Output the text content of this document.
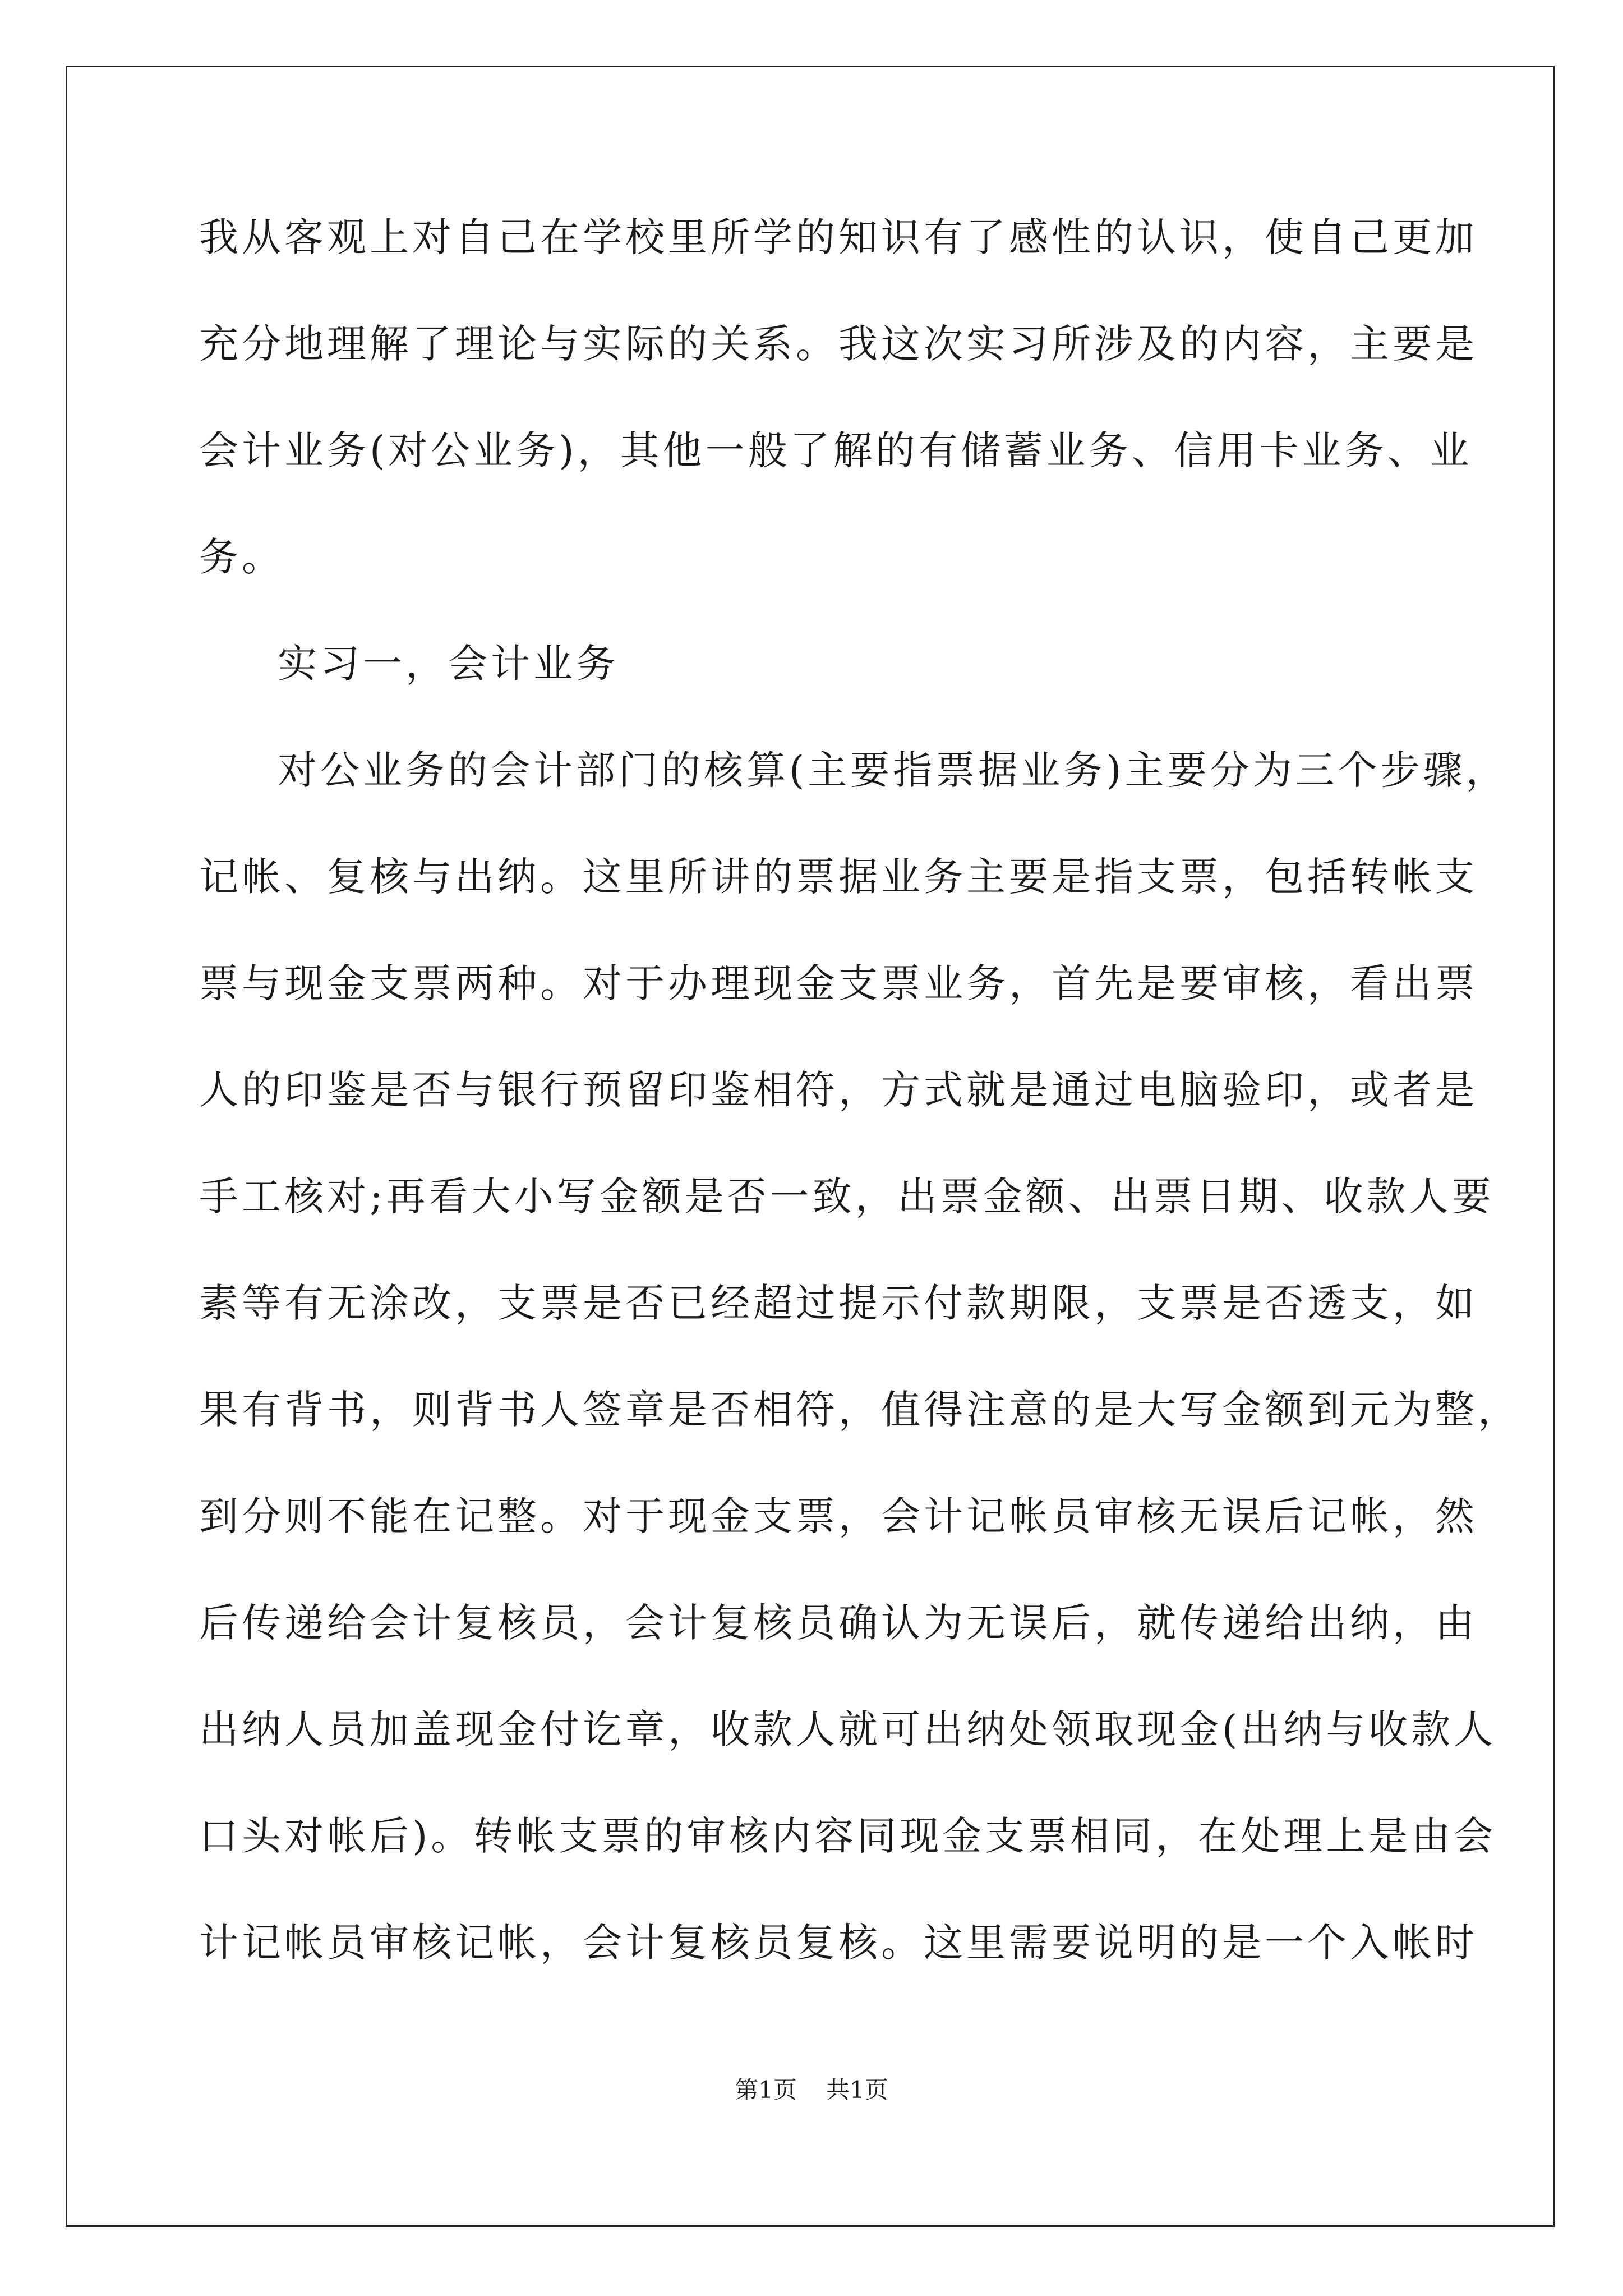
我从客观上对自己在学校里所学的知识有了感性的认识，使自己更加
充分地理解了理论与实际的关系。我这次实习所涉及的内容，主要是
会计业务(对公业务)，其他一般了解的有储蓄业务、信用卡业务、业
务。
实习一，会计业务
对公业务的会计部门的核算(主要指票据业务)主要分为三个步骤，
记帐、复核与出纳。这里所讲的票据业务主要是指支票，包括转帐支
票与现金支票两种。对于办理现金支票业务，首先是要审核，看出票
人的印鉴是否与银行预留印鉴相符，方式就是通过电脑验印，或者是
手工核对;再看大小写金额是否一致，出票金额、出票日期、收款人要
素等有无涂改，支票是否已经超过提示付款期限，支票是否透支，如
果有背书，则背书人签章是否相符，值得注意的是大写金额到元为整，
到分则不能在记整。对于现金支票，会计记帐员审核无误后记帐，然
后传递给会计复核员，会计复核员确认为无误后，就传递给出纳，由
出纳人员加盖现金付讫章，收款人就可出纳处领取现金(出纳与收款人
口头对帐后)。转帐支票的审核内容同现金支票相同，在处理上是由会
计记帐员审核记帐，会计复核员复核。这里需要说明的是一个入帐时
第1页 共1页
